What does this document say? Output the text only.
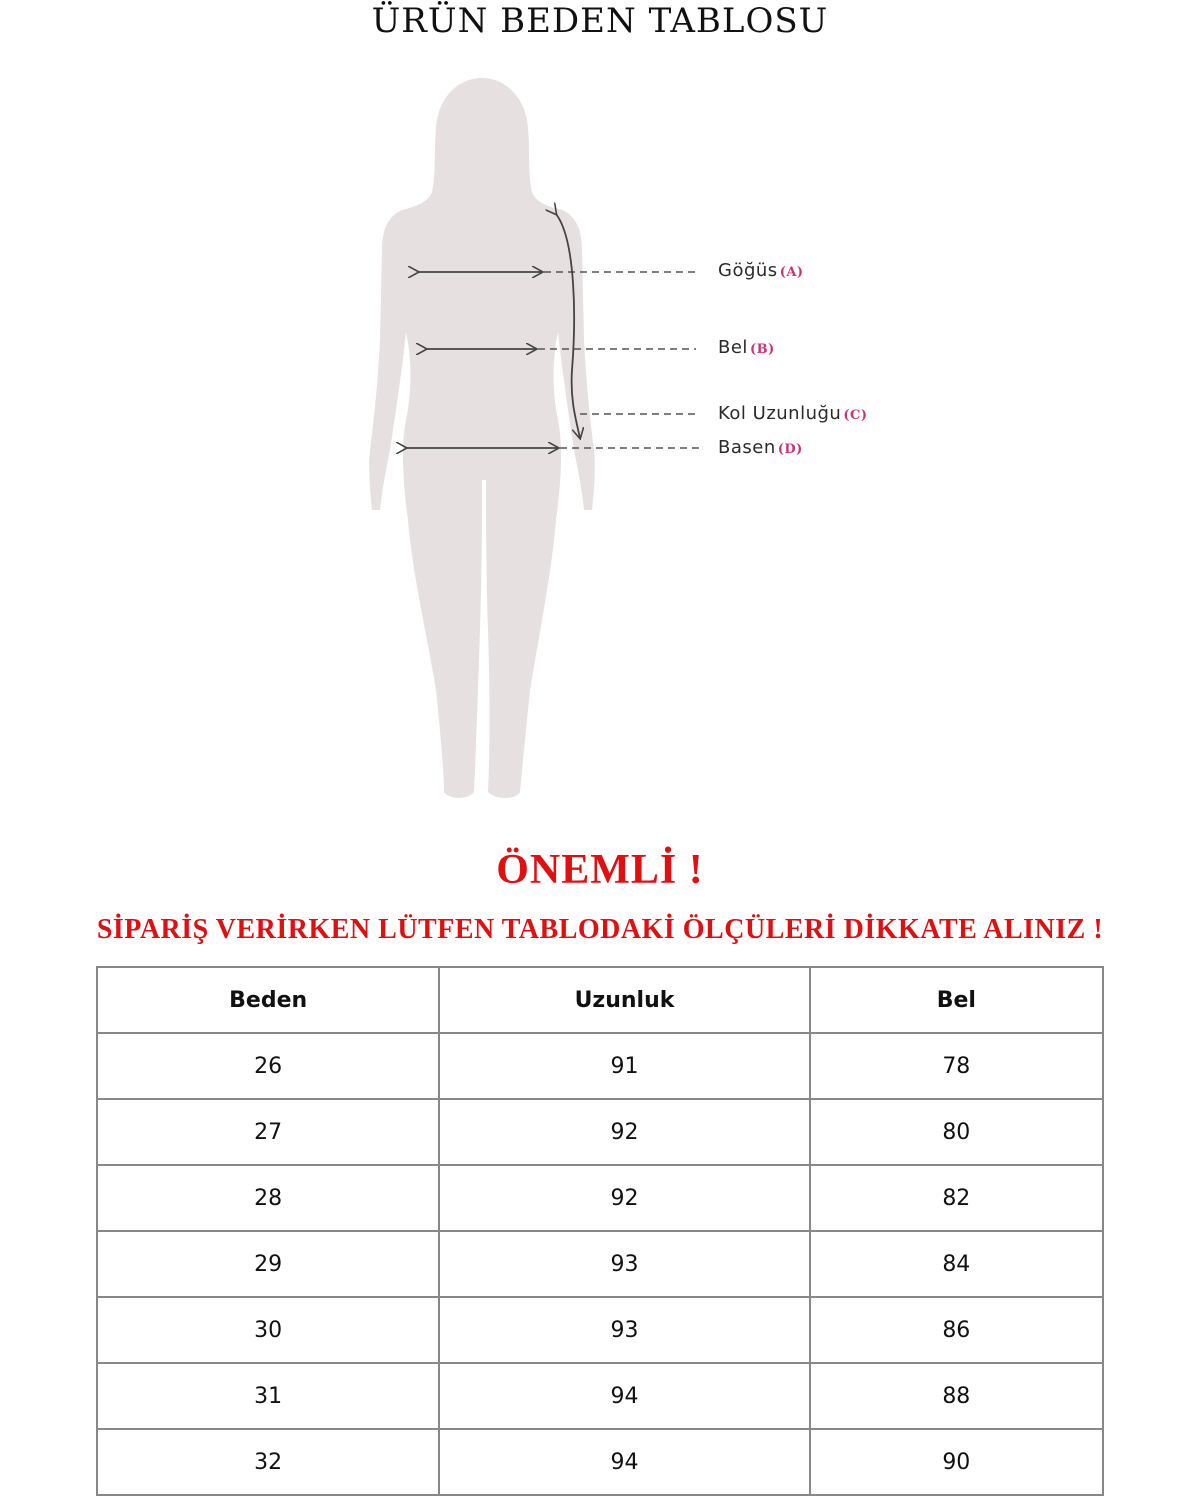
ÜRÜN BEDEN TABLOSU
Göğüs (A)
Bel (B)
Kol Uzunluğu (C)
Basen (D)
ÖNEMLİ !
SİPARİŞ VERİRKEN LÜTFEN TABLODAKİ ÖLÇÜLERİ DİKKATE ALINIZ !
Beden	Uzunluk	Bel
26	91	78
27	92	80
28	92	82
29	93	84
30	93	86
31	94	88
32	94	90
